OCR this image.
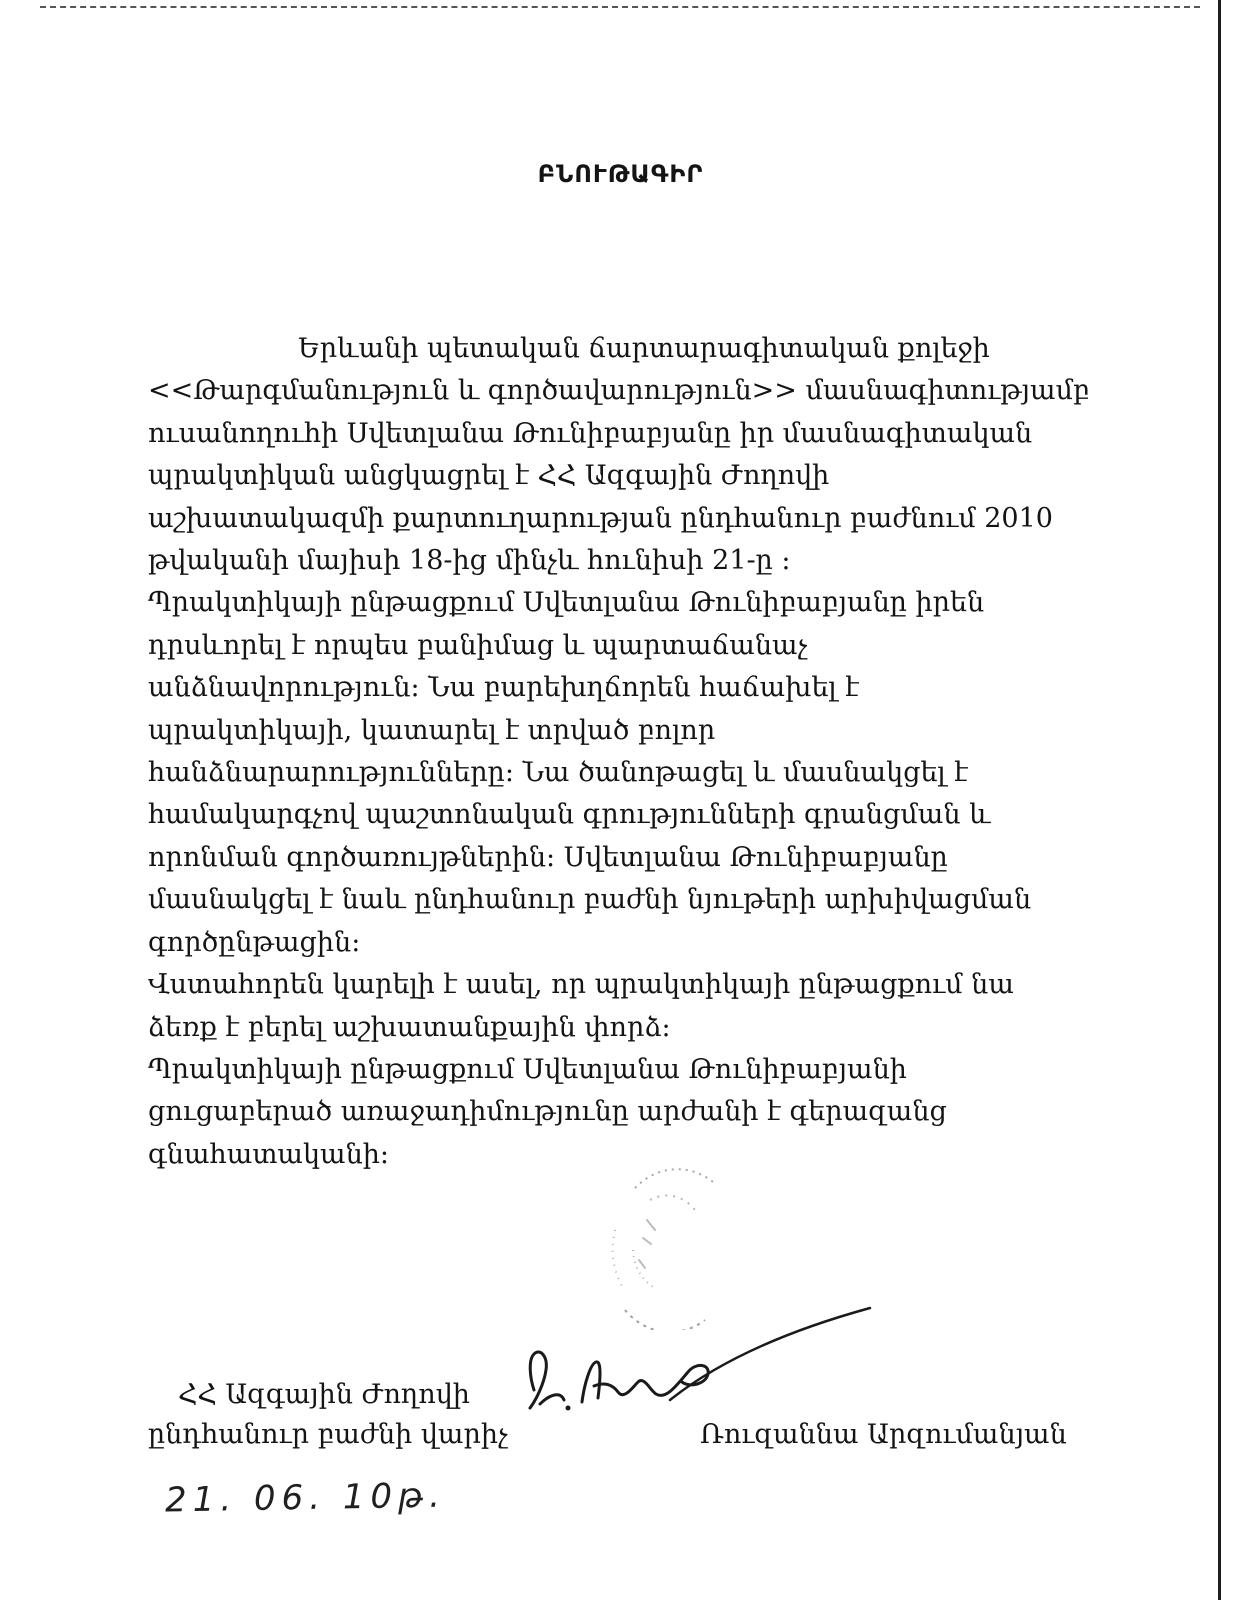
ԲՆՈՒԹԱԳԻՐ
Երևանի պետական ճարտարագիտական քոլեջի
<<Թարգմանություն և գործավարություն>> մասնագիտությամբ
ուսանողուհի Սվետլանա Թունիբաբյանը իր մասնագիտական
պրակտիկան անցկացրել է ՀՀ Ազգային Ժողովի
աշխատակազմի քարտուղարության ընդհանուր բաժնում 2010
թվականի մայիսի 18-ից մինչև հունիսի 21-ը :
Պրակտիկայի ընթացքում Սվետլանա Թունիբաբյանը իրեն
դրսևորել է որպես բանիմաց և պարտաճանաչ
անձնավորություն: Նա բարեխղճորեն հաճախել է
պրակտիկայի, կատարել է տրված բոլոր
հանձնարարությունները: Նա ծանոթացել և մասնակցել է
համակարգչով պաշտոնական գրությունների գրանցման և
որոնման գործառույթներին: Սվետլանա Թունիբաբյանը
մասնակցել է նաև ընդհանուր բաժնի նյութերի արխիվացման
գործընթացին:
Վստահորեն կարելի է ասել, որ պրակտիկայի ընթացքում նա
ձեռք է բերել աշխատանքային փորձ:
Պրակտիկայի ընթացքում Սվետլանա Թունիբաբյանի
ցուցաբերած առաջադիմությունը արժանի է գերազանց
գնահատականի:
ՀՀ Ազգային Ժողովի
ընդհանուր բաժնի վարիչ	Ռուզաննա Արզումանյան
21. 06. 10թ.
